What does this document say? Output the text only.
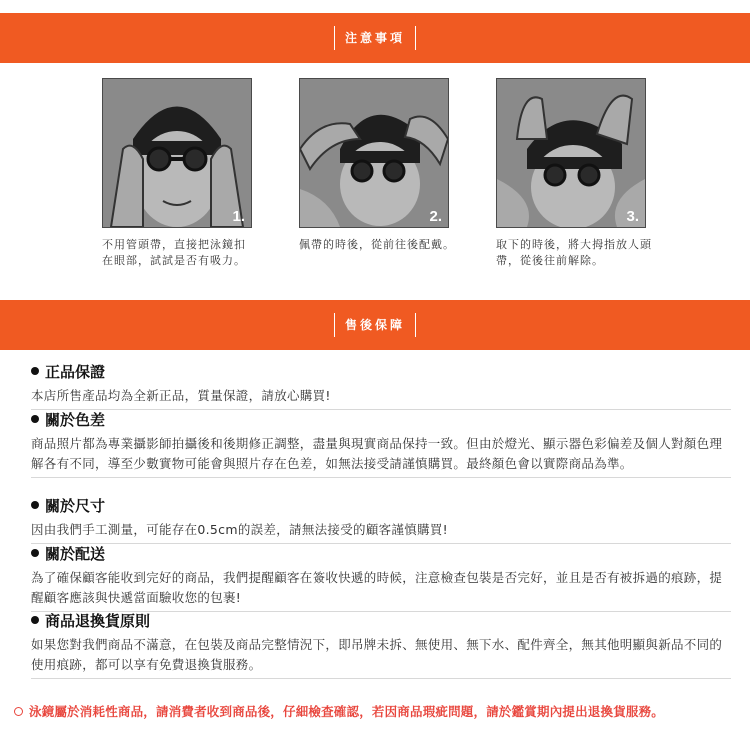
注意事項
1.
不用管頭帶，直接把泳鏡扣在眼部，試試是否有吸力。
2.
佩帶的時後，從前往後配戴。
3.
取下的時後，將大拇指放人頭帶，從後往前解除。
售後保障
正品保證
本店所售產品均為全新正品，質量保證，請放心購買!
關於色差
商品照片都為專業攝影師拍攝後和後期修正調整，盡量與現實商品保持一致。但由於燈光、顯示器色彩偏差及個人對顏色理解各有不同，導至少數實物可能會與照片存在色差，如無法接受請謹慎購買。最終顏色會以實際商品為準。
關於尺寸
因由我們手工測量，可能存在0.5cm的誤差，請無法接受的顧客謹慎購買!
關於配送
為了確保顧客能收到完好的商品，我們提醒顧客在簽收快遞的時候，注意檢查包裝是否完好，並且是否有被拆過的痕跡，提醒顧客應該與快遞當面驗收您的包裹!
商品退換貨原則
如果您對我們商品不滿意，在包裝及商品完整情況下，即吊牌未拆、無使用、無下水、配件齊全，無其他明顯與新品不同的使用痕跡，都可以享有免費退換貨服務。
泳鏡屬於消耗性商品，請消費者收到商品後，仔細檢查確認，若因商品瑕疵問題，請於鑑賞期內提出退換貨服務。
